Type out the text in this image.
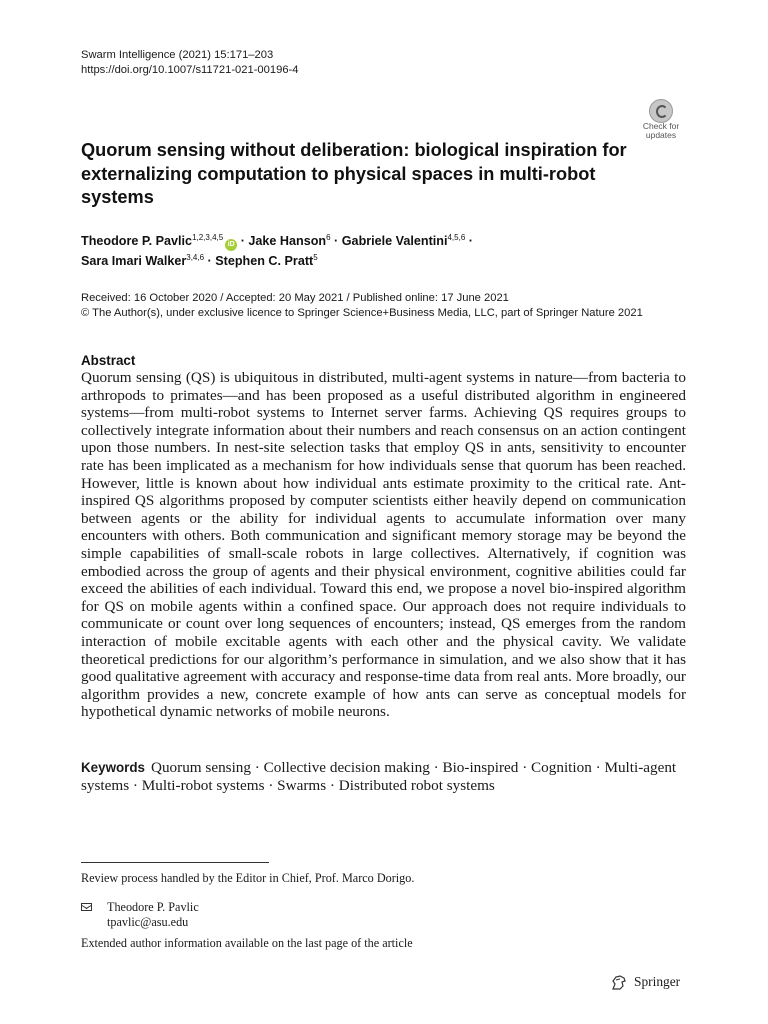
Swarm Intelligence (2021) 15:171–203
https://doi.org/10.1007/s11721-021-00196-4
Check for updates
Quorum sensing without deliberation: biological inspiration for externalizing computation to physical spaces in multi-robot systems
Theodore P. Pavlic$^{1,2,3,4,5}$iD · Jake Hanson$^6$ · Gabriele Valentini$^{4,5,6}$ ·
Sara Imari Walker$^{3,4,6}$ · Stephen C. Pratt$^5$
Received: 16 October 2020 / Accepted: 20 May 2021 / Published online: 17 June 2021
© The Author(s), under exclusive licence to Springer Science+Business Media, LLC, part of Springer Nature 2021
Abstract

Quorum sensing (QS) is ubiquitous in distributed, multi-agent systems in nature—from bacteria to arthropods to primates—and has been proposed as a useful distributed algorithm in engineered systems—from multi-robot systems to Internet server farms. Achieving QS requires groups to collectively integrate information about their numbers and reach consensus on an action contingent upon those numbers. In nest-site selection tasks that employ QS in ants, sensitivity to encounter rate has been implicated as a mechanism for how individuals sense that quorum has been reached. However, little is known about how individual ants estimate proximity to the critical rate. Ant-inspired QS algorithms proposed by computer scientists either heavily depend on communication between agents or the ability for individual agents to accumulate information over many encounters with others. Both communication and significant memory storage may be beyond the simple capabilities of small-scale robots in large collectives. Alternatively, if cognition was embodied across the group of agents and their physical environment, cognitive abilities could far exceed the abilities of each individual. Toward this end, we propose a novel bio-inspired algorithm for QS on mobile agents within a confined space. Our approach does not require individuals to communicate or count over long sequences of encounters; instead, QS emerges from the random interaction of mobile excitable agents with each other and the physical cavity. We validate theoretical predictions for our algorithm’s performance in simulation, and we also show that it has good qualitative agreement with accuracy and response-time data from real ants. More broadly, our algorithm provides a new, concrete example of how ants can serve as conceptual models for hypothetical dynamic networks of mobile neurons.

Keywords Quorum sensing · Collective decision making · Bio-inspired · Cognition · Multi-agent systems · Multi-robot systems · Swarms · Distributed robot systems
Review process handled by the Editor in Chief, Prof. Marco Dorigo.
Theodore P. Pavlic
tpavlic@asu.edu
Extended author information available on the last page of the article
Springer
